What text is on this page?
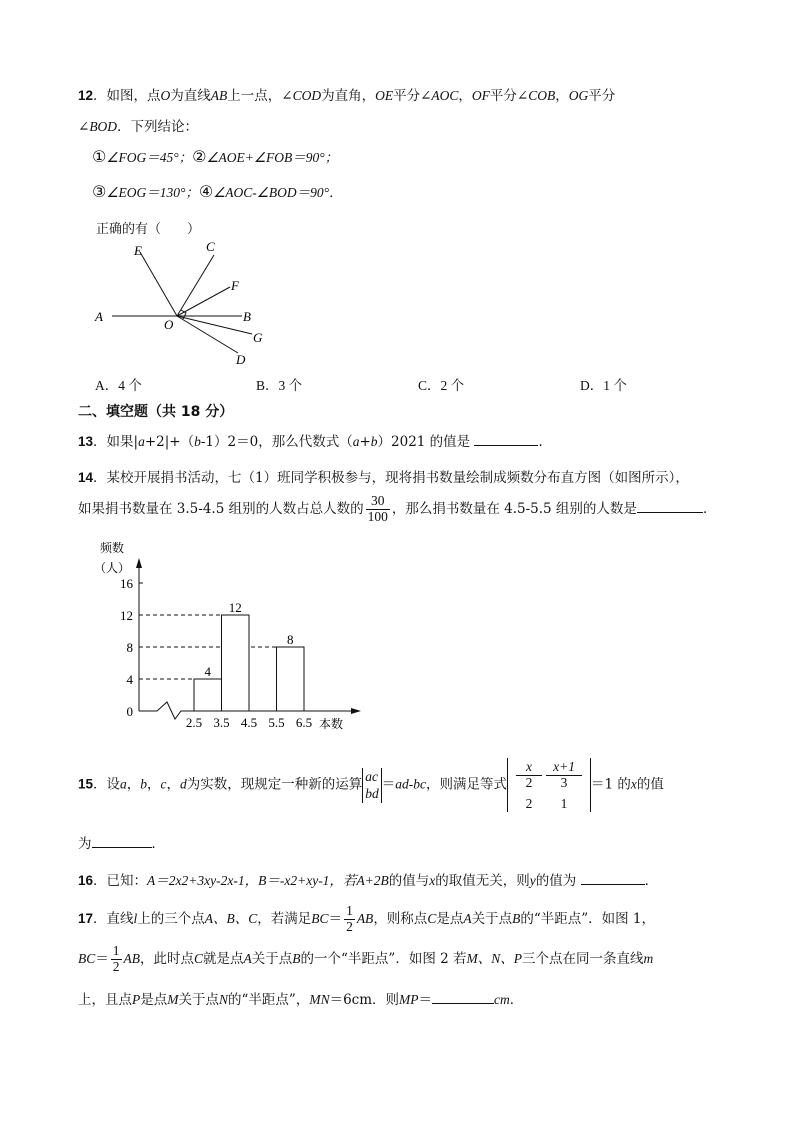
12．如图，点O为直线AB上一点，∠COD为直角，OE平分∠AOC，OF平分∠COB，OG平分
∠BOD．下列结论：
①∠FOG＝45°；②∠AOE+∠FOB＝90°；
③∠EOG＝130°；④∠AOC-∠BOD＝90°．
正确的有（　　）
A	B
C
D
E
F
G
O
A．4 个	B．3 个	C．2 个	D．1 个
二、填空题（共 18 分）
13．如果|a+2|+（b-1）2＝0，那么代数式（a+b）2021 的值是	．
14．某校开展捐书活动，七（1）班同学积极参与，现将捐书数量绘制成频数分布直方图（如图所示），
如果捐书数量在 3.5-4.5 组别的人数占总人数的 $\frac{30}{100}$ ，那么捐书数量在 4.5-5.5 组别的人数是	．
频数
（人）
本数
4
12
8
0
4
8
12
16
2.5 3.5 4.5 5.5 6.5
15．设a，b，c，d为实数，现规定一种新的运算
ac
bd
＝ad-bc，则满足等式 $\frac{x}{2} \frac{x+1}{3}$
2	1
＝1 的x的值
为	．
16．已知：A＝2x2+3xy-2x-1，B＝-x2+xy-1，若A+2B的值与x的取值无关，则y的值为	．
17．直线l上的三个点A、B、C，若满足$BC= \frac{1}{2}$ AB，则称点C是点A关于点B的“半距点”．如图 1，
$BC= \frac{1}{2}$ AB，此时点C就是点A关于点B的一个“半距点”．如图 2 若M、N、P三个点在同一条直线m
上，且点P是点M关于点N的“半距点”，MN＝6cm．则MP＝	cm．
